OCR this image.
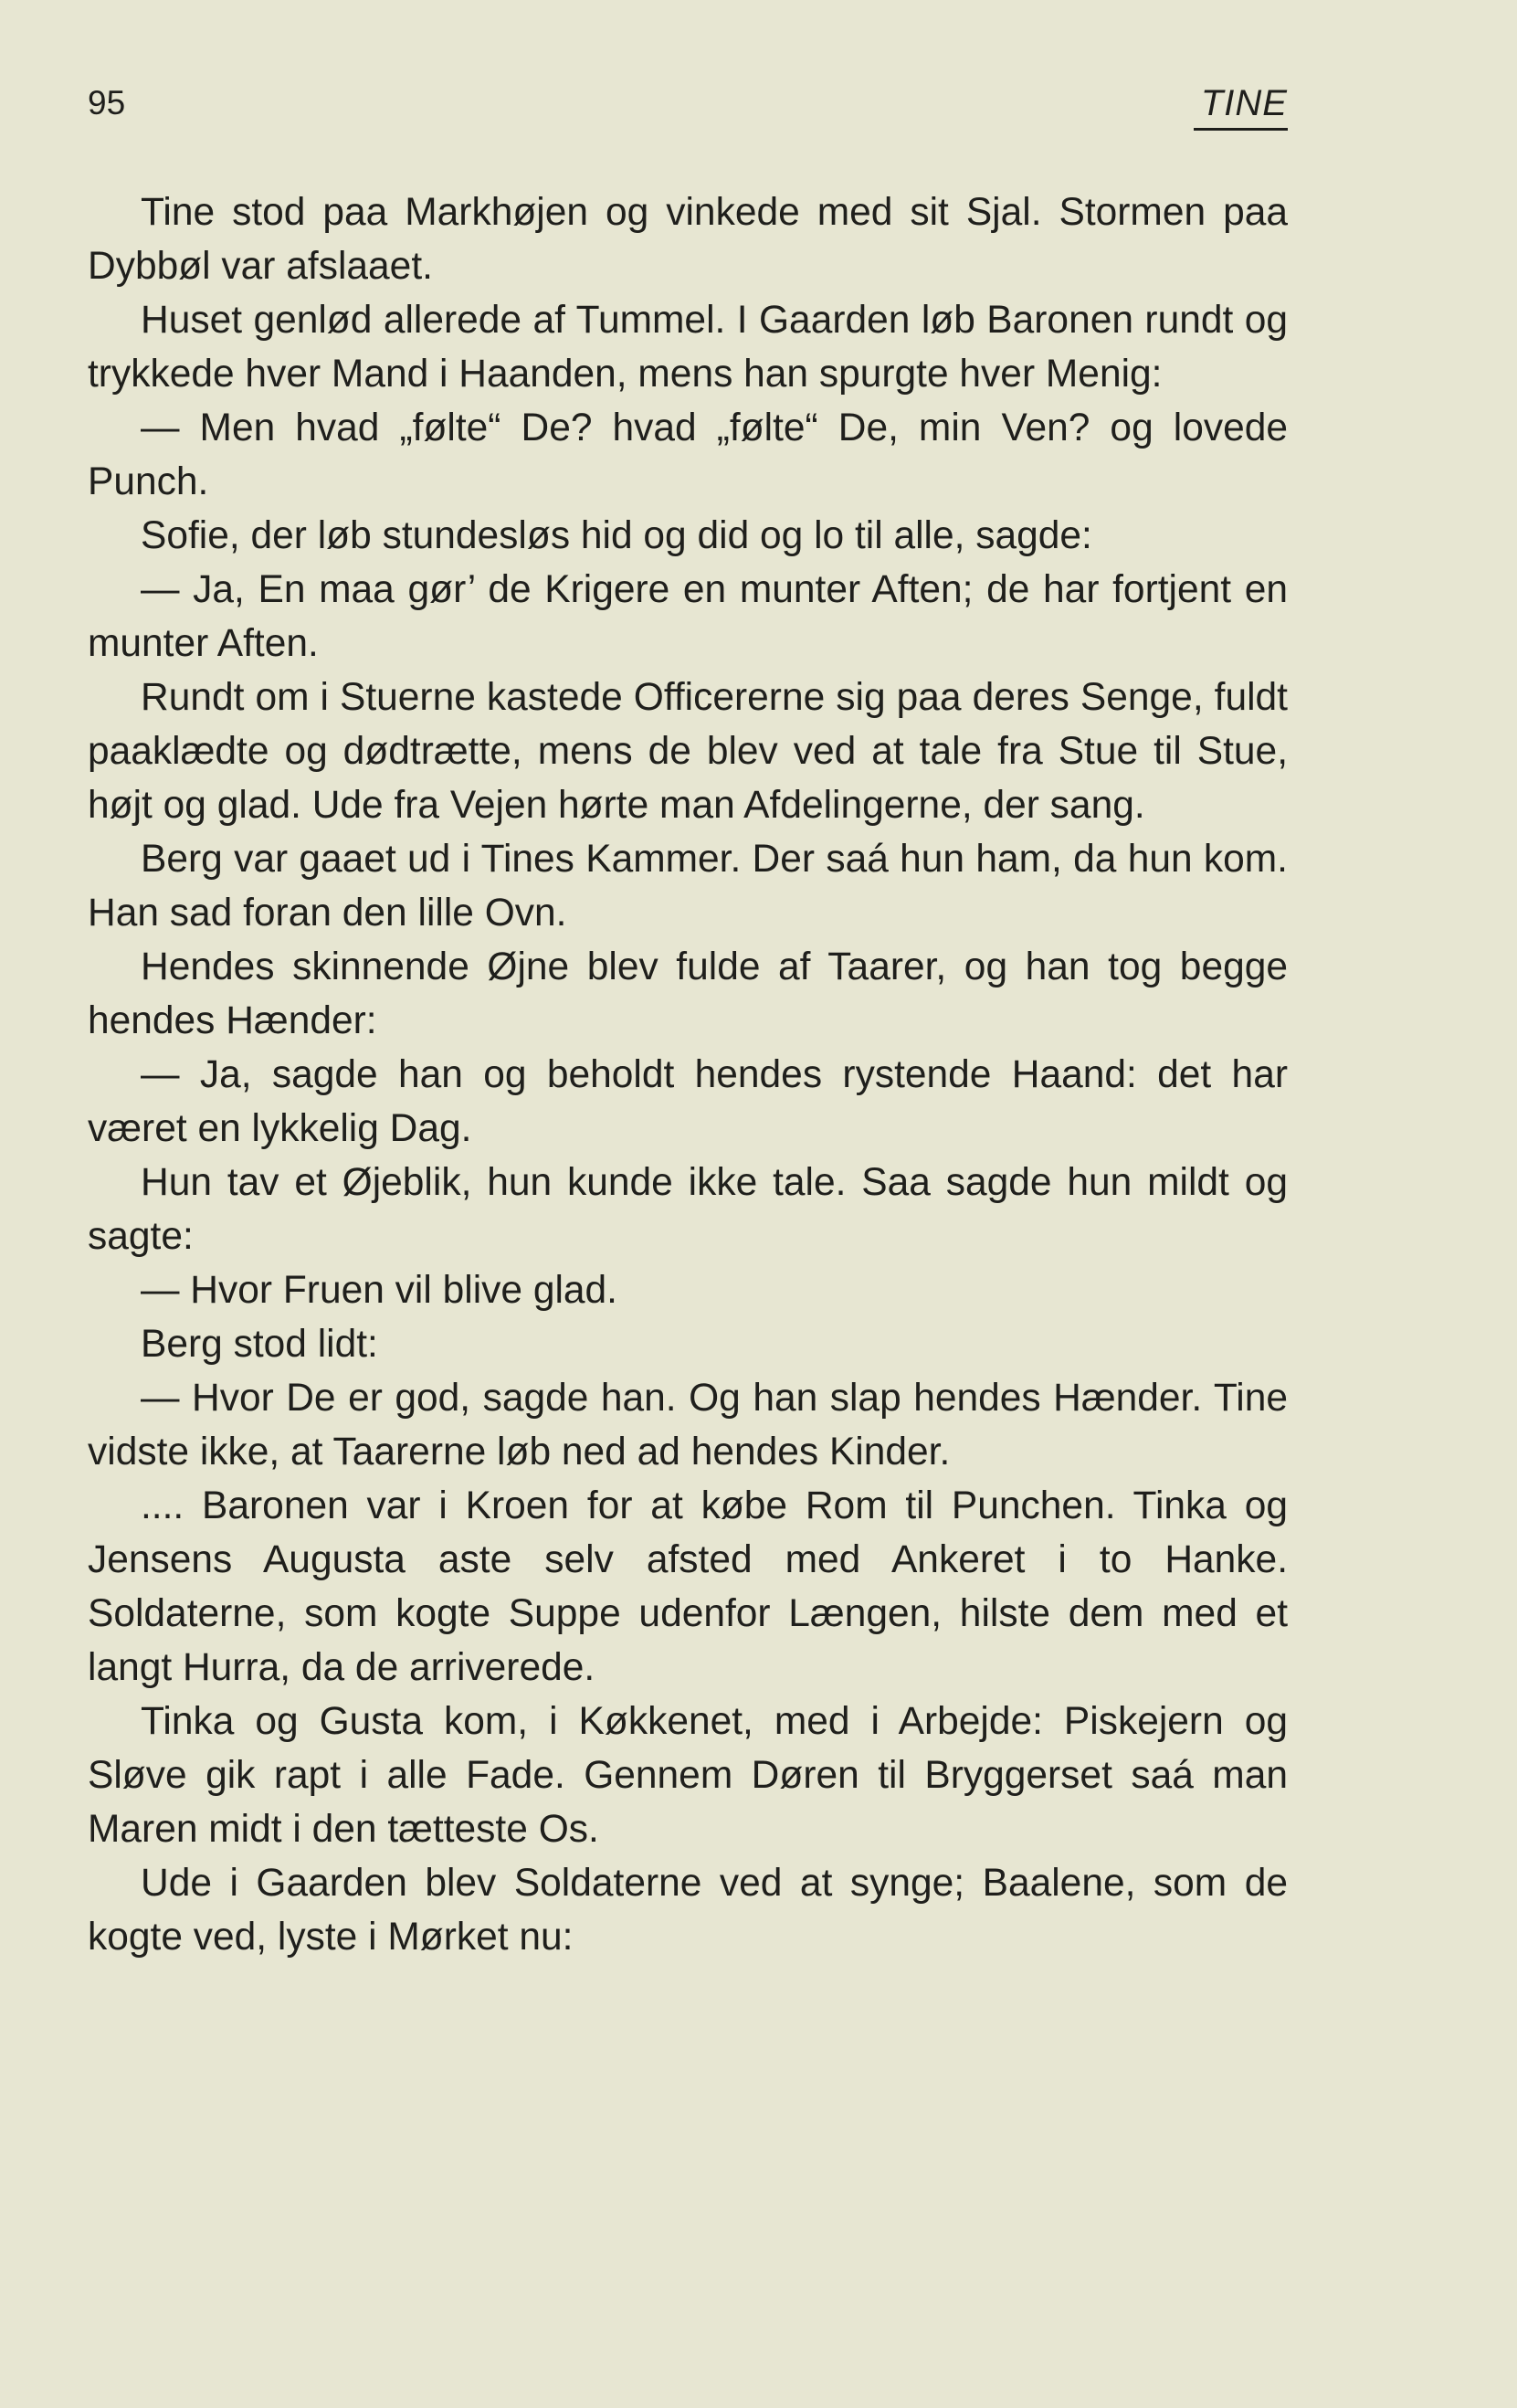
95	TINE

Tine stod paa Markhøjen og vinkede med sit Sjal. Stormen paa Dybbøl var afslaaet.

Huset genlød allerede af Tummel. I Gaarden løb Baronen rundt og trykkede hver Mand i Haanden, mens han spurgte hver Menig:

— Men hvad „følte“ De? hvad „følte“ De, min Ven? og lovede Punch.

Sofie, der løb stundesløs hid og did og lo til alle, sagde:

— Ja, En maa gør’ de Krigere en munter Aften; de har fortjent en munter Aften.

Rundt om i Stuerne kastede Officererne sig paa deres Senge, fuldt paaklædte og dødtrætte, mens de blev ved at tale fra Stue til Stue, højt og glad. Ude fra Vejen hørte man Afdelingerne, der sang.

Berg var gaaet ud i Tines Kammer. Der saá hun ham, da hun kom. Han sad foran den lille Ovn.

Hendes skinnende Øjne blev fulde af Taarer, og han tog begge hendes Hænder:

— Ja, sagde han og beholdt hendes rystende Haand: det har været en lykkelig Dag.

Hun tav et Øjeblik, hun kunde ikke tale. Saa sagde hun mildt og sagte:

— Hvor Fruen vil blive glad.

Berg stod lidt:

— Hvor De er god, sagde han. Og han slap hendes Hænder. Tine vidste ikke, at Taarerne løb ned ad hendes Kinder.

.... Baronen var i Kroen for at købe Rom til Punchen. Tinka og Jensens Augusta aste selv afsted med Ankeret i to Hanke. Soldaterne, som kogte Suppe udenfor Længen, hilste dem med et langt Hurra, da de arriverede.

Tinka og Gusta kom, i Køkkenet, med i Arbejde: Piskejern og Sløve gik rapt i alle Fade. Gennem Døren til Bryggerset saá man Maren midt i den tætteste Os.

Ude i Gaarden blev Soldaterne ved at synge; Baalene, som de kogte ved, lyste i Mørket nu:
